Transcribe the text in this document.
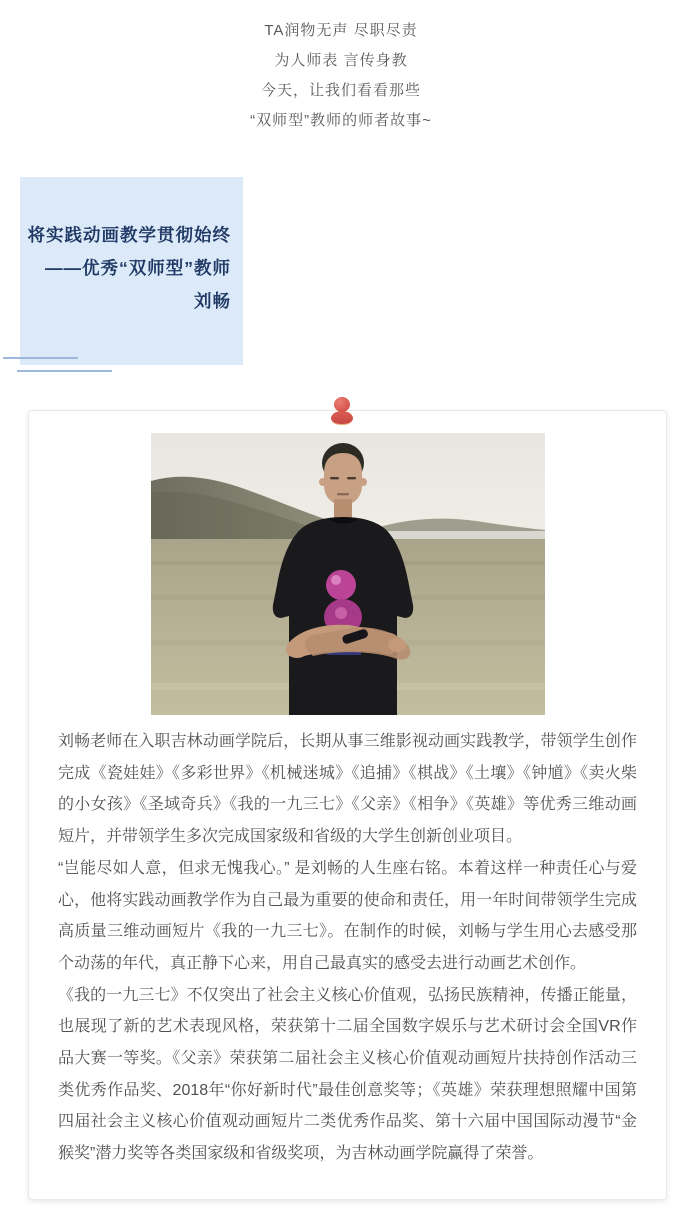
TA润物无声 尽职尽责

为人师表 言传身教

今天，让我们看看那些

“双师型”教师的师者故事~

将实践动画教学贯彻始终
——优秀“双师型”教师
刘畅

刘畅老师在入职吉林动画学院后，长期从事三维影视动画实践教学，带领学生创作完成《瓷娃娃》《多彩世界》《机械迷城》《追捕》《棋战》《土壤》《钟馗》《卖火柴的小女孩》《圣域奇兵》《我的一九三七》《父亲》《相争》《英雄》等优秀三维动画短片，并带领学生多次完成国家级和省级的大学生创新创业项目。

“岂能尽如人意，但求无愧我心。” 是刘畅的人生座右铭。本着这样一种责任心与爱心，他将实践动画教学作为自己最为重要的使命和责任，用一年时间带领学生完成高质量三维动画短片《我的一九三七》。在制作的时候，刘畅与学生用心去感受那个动荡的年代，真正静下心来，用自己最真实的感受去进行动画艺术创作。

《我的一九三七》不仅突出了社会主义核心价值观，弘扬民族精神，传播正能量，也展现了新的艺术表现风格，荣获第十二届全国数字娱乐与艺术研讨会全国VR作品大赛一等奖。《父亲》荣获第二届社会主义核心价值观动画短片扶持创作活动三类优秀作品奖、2018年“你好新时代”最佳创意奖等；《英雄》荣获理想照耀中国第四届社会主义核心价值观动画短片二类优秀作品奖、第十六届中国国际动漫节“金猴奖”潜力奖等各类国家级和省级奖项，为吉林动画学院赢得了荣誉。
